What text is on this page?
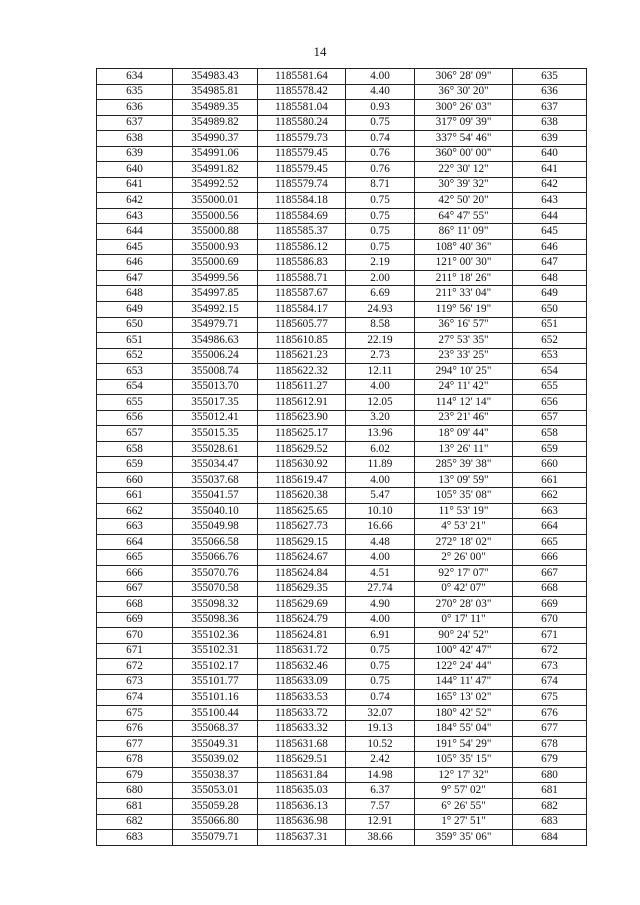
14
634	354983.43	1185581.64	4.00	306° 28' 09"	635
635	354985.81	1185578.42	4.40	36° 30' 20"	636
636	354989.35	1185581.04	0.93	300° 26' 03"	637
637	354989.82	1185580.24	0.75	317° 09' 39"	638
638	354990.37	1185579.73	0.74	337° 54' 46"	639
639	354991.06	1185579.45	0.76	360° 00' 00"	640
640	354991.82	1185579.45	0.76	22° 30' 12"	641
641	354992.52	1185579.74	8.71	30° 39' 32"	642
642	355000.01	1185584.18	0.75	42° 50' 20"	643
643	355000.56	1185584.69	0.75	64° 47' 55"	644
644	355000.88	1185585.37	0.75	86° 11' 09"	645
645	355000.93	1185586.12	0.75	108° 40' 36"	646
646	355000.69	1185586.83	2.19	121° 00' 30"	647
647	354999.56	1185588.71	2.00	211° 18' 26"	648
648	354997.85	1185587.67	6.69	211° 33' 04"	649
649	354992.15	1185584.17	24.93	119° 56' 19"	650
650	354979.71	1185605.77	8.58	36° 16' 57"	651
651	354986.63	1185610.85	22.19	27° 53' 35"	652
652	355006.24	1185621.23	2.73	23° 33' 25"	653
653	355008.74	1185622.32	12.11	294° 10' 25"	654
654	355013.70	1185611.27	4.00	24° 11' 42"	655
655	355017.35	1185612.91	12.05	114° 12' 14"	656
656	355012.41	1185623.90	3.20	23° 21' 46"	657
657	355015.35	1185625.17	13.96	18° 09' 44"	658
658	355028.61	1185629.52	6.02	13° 26' 11"	659
659	355034.47	1185630.92	11.89	285° 39' 38"	660
660	355037.68	1185619.47	4.00	13° 09' 59"	661
661	355041.57	1185620.38	5.47	105° 35' 08"	662
662	355040.10	1185625.65	10.10	11° 53' 19"	663
663	355049.98	1185627.73	16.66	4° 53' 21"	664
664	355066.58	1185629.15	4.48	272° 18' 02"	665
665	355066.76	1185624.67	4.00	2° 26' 00"	666
666	355070.76	1185624.84	4.51	92° 17' 07"	667
667	355070.58	1185629.35	27.74	0° 42' 07"	668
668	355098.32	1185629.69	4.90	270° 28' 03"	669
669	355098.36	1185624.79	4.00	0° 17' 11"	670
670	355102.36	1185624.81	6.91	90° 24' 52"	671
671	355102.31	1185631.72	0.75	100° 42' 47"	672
672	355102.17	1185632.46	0.75	122° 24' 44"	673
673	355101.77	1185633.09	0.75	144° 11' 47"	674
674	355101.16	1185633.53	0.74	165° 13' 02"	675
675	355100.44	1185633.72	32.07	180° 42' 52"	676
676	355068.37	1185633.32	19.13	184° 55' 04"	677
677	355049.31	1185631.68	10.52	191° 54' 29"	678
678	355039.02	1185629.51	2.42	105° 35' 15"	679
679	355038.37	1185631.84	14.98	12° 17' 32"	680
680	355053.01	1185635.03	6.37	9° 57' 02"	681
681	355059.28	1185636.13	7.57	6° 26' 55"	682
682	355066.80	1185636.98	12.91	1° 27' 51"	683
683	355079.71	1185637.31	38.66	359° 35' 06"	684
